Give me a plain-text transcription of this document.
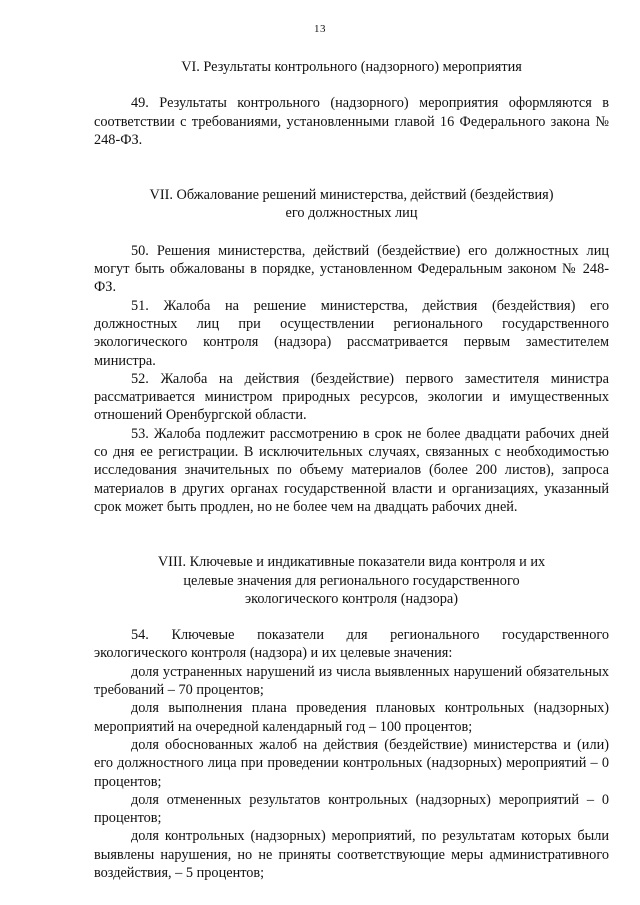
13

VI. Результаты контрольного (надзорного) мероприятия

49. Результаты контрольного (надзорного) мероприятия оформляются в соответствии с требованиями, установленными главой 16 Федерального закона № 248-ФЗ.

VII. Обжалование решений министерства, действий (бездействия)
его должностных лиц

50. Решения министерства, действий (бездействие) его должностных лиц могут быть обжалованы в порядке, установленном Федеральным законом № 248-ФЗ.

51. Жалоба на решение министерства, действия (бездействия) его должностных лиц при осуществлении регионального государственного экологического контроля (надзора) рассматривается первым заместителем министра.

52. Жалоба на действия (бездействие) первого заместителя министра рассматривается министром природных ресурсов, экологии и имущественных отношений Оренбургской области.

53. Жалоба подлежит рассмотрению в срок не более двадцати рабочих дней со дня ее регистрации. В исключительных случаях, связанных с необходимостью исследования значительных по объему материалов (более 200 листов), запроса материалов в других органах государственной власти и организациях, указанный срок может быть продлен, но не более чем на двадцать рабочих дней.

VIII. Ключевые и индикативные показатели вида контроля и их
целевые значения для регионального государственного
экологического контроля (надзора)

54. Ключевые показатели для регионального государственного экологического контроля (надзора) и их целевые значения:

доля устраненных нарушений из числа выявленных нарушений обязательных требований – 70 процентов;

доля выполнения плана проведения плановых контрольных (надзорных) мероприятий на очередной календарный год – 100 процентов;

доля обоснованных жалоб на действия (бездействие) министерства и (или) его должностного лица при проведении контрольных (надзорных) мероприятий – 0 процентов;

доля отмененных результатов контрольных (надзорных) мероприятий – 0 процентов;

доля контрольных (надзорных) мероприятий, по результатам которых были выявлены нарушения, но не приняты соответствующие меры административного воздействия, – 5 процентов;
